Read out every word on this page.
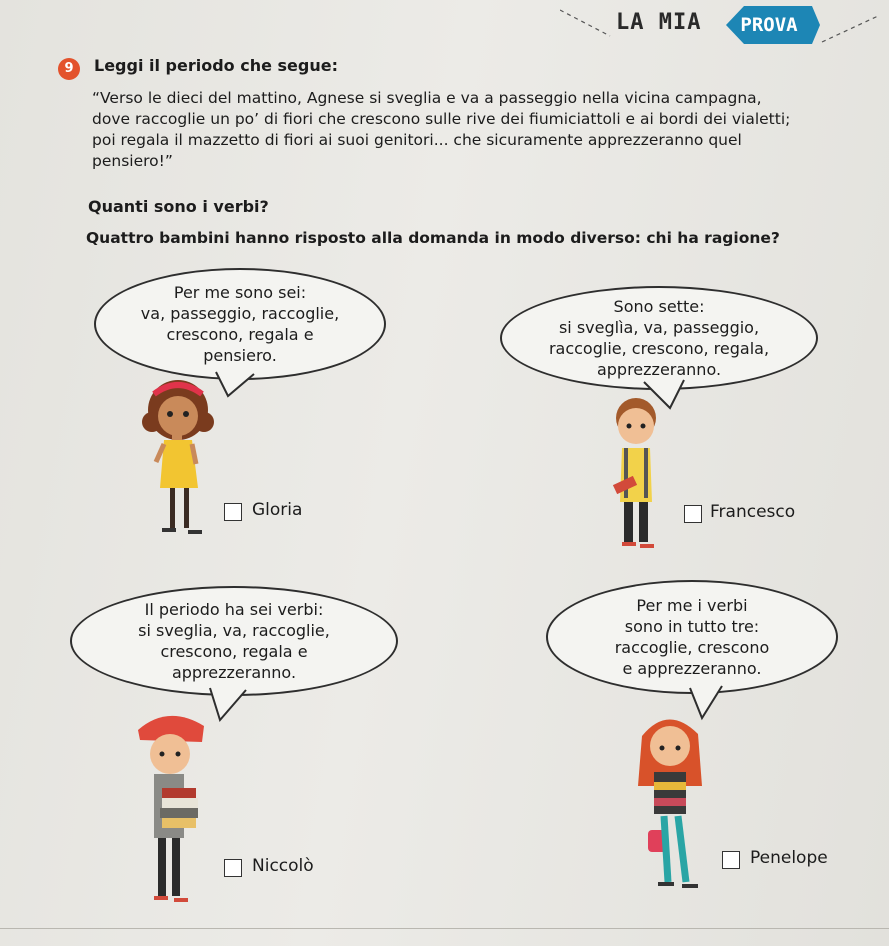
LA MIA	PROVA
9	Leggi il periodo che segue:
“Verso le dieci del mattino, Agnese si sveglia e va a passeggio nella vicina campagna, dove raccoglie un po’ di fiori che crescono sulle rive dei fiumiciattoli e ai bordi dei vialetti; poi regala il mazzetto di fiori ai suoi genitori... che sicuramente apprezzeranno quel pensiero!”
Quanti sono i verbi?
Quattro bambini hanno risposto alla domanda in modo diverso: chi ha ragione?
Per me sono sei:
va, passeggio, raccoglie,
crescono, regala e
pensiero.
Sono sette:
si sveglìa, va, passeggio,
raccoglie, crescono, regala,
apprezzeranno.
Il periodo ha sei verbi:
si sveglia, va, raccoglie,
crescono, regala e
apprezzeranno.
Per me i verbi
sono in tutto tre:
raccoglie, crescono
e apprezzeranno.
Gloria	Francesco
Niccolò	Penelope
